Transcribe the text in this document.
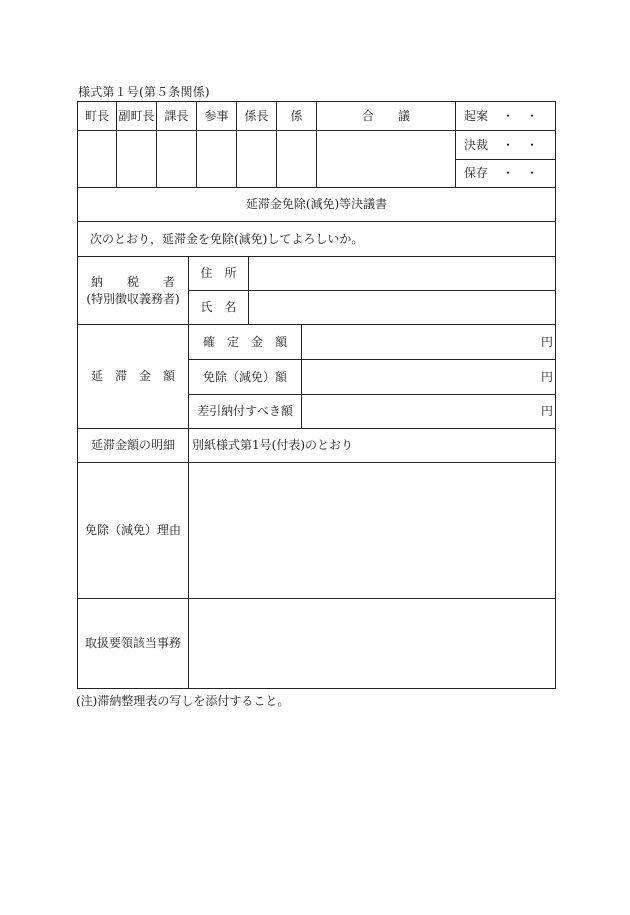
様式第１号(第５条関係)
町長 副町長 課長	参事	係長	係	合　　議	起案 ・　・
決裁 ・　・
保存 ・　・
延滞金免除(減免)等決議書
次のとおり，延滞金を免除(減免)してよろしいか。
納　　税　　者
(特別徴収義務者)
住　所
氏　名
延　滞　金　額
確　定　金　額	円
免除（減免）額	円
差引納付すべき額	円
延滞金額の明細	別紙様式第1号(付表)のとおり
免除（減免）理由
取扱要領該当事務
(注)滞納整理表の写しを添付すること。
